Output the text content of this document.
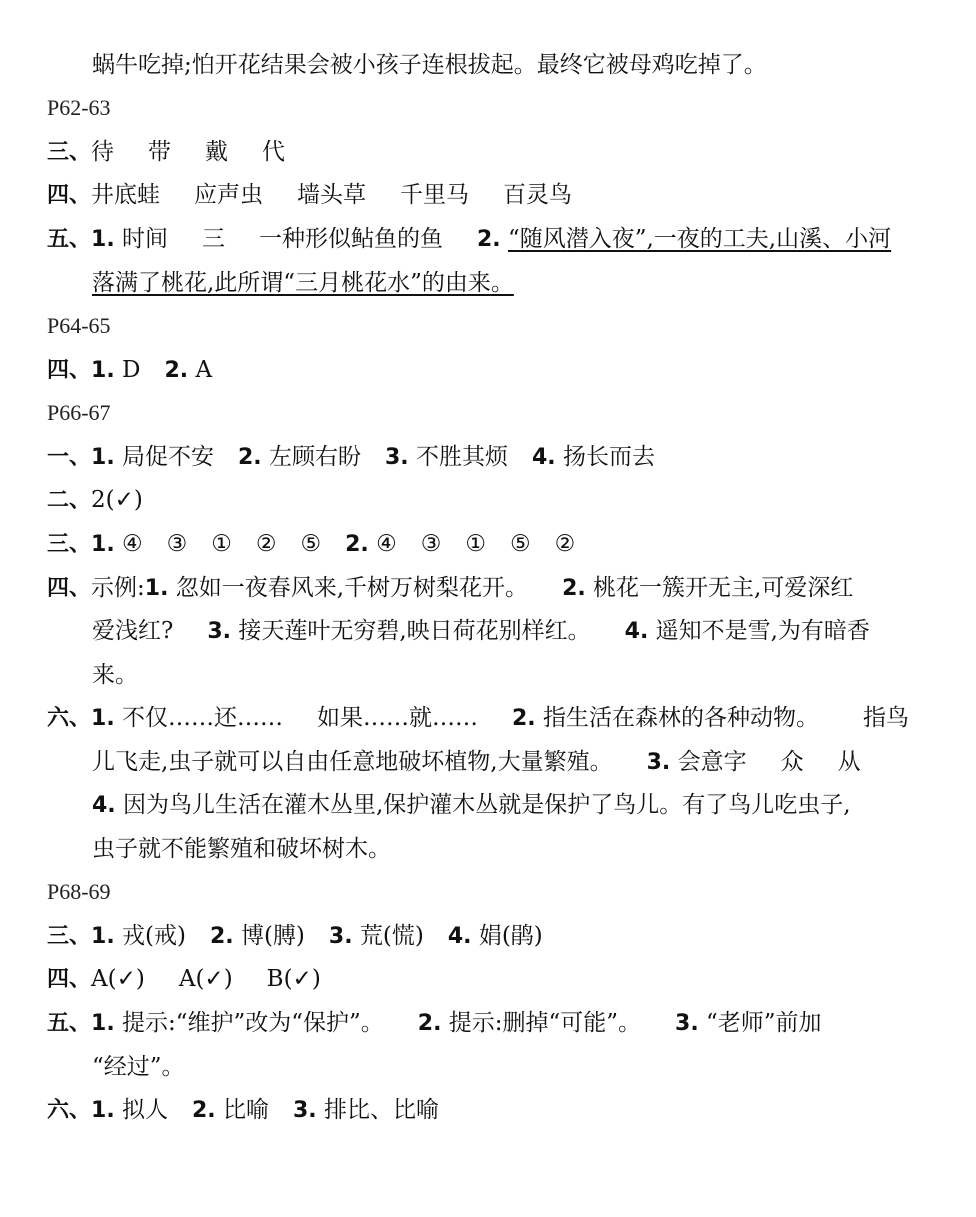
蜗牛吃掉;怕开花结果会被小孩子连根拔起。最终它被母鸡吃掉了。
P62-63
三、待 带 戴 代
四、井底蛙 应声虫 墙头草 千里马 百灵鸟
五、1. 时间 三 一种形似鲇鱼的鱼 2. “随风潜入夜”,一夜的工夫,山溪、小河
落满了桃花,此所谓“三月桃花水”的由来。
P64-65
四、1. D 2. A
P66-67
一、1. 局促不安 2. 左顾右盼 3. 不胜其烦 4. 扬长而去
二、2(✓)
三、1. ④ ③ ① ② ⑤ 2. ④ ③ ① ⑤ ②
四、示例:1. 忽如一夜春风来,千树万树梨花开。 2. 桃花一簇开无主,可爱深红
爱浅红? 3. 接天莲叶无穷碧,映日荷花别样红。 4. 遥知不是雪,为有暗香
来。
六、1. 不仅……还…… 如果……就…… 2. 指生活在森林的各种动物。 指鸟
儿飞走,虫子就可以自由任意地破坏植物,大量繁殖。 3. 会意字 众 从
4. 因为鸟儿生活在灌木丛里,保护灌木丛就是保护了鸟儿。有了鸟儿吃虫子,
虫子就不能繁殖和破坏树木。
P68-69
三、1. 戎(戒) 2. 博(膊) 3. 荒(慌) 4. 娟(鹃)
四、A(✓) A(✓) B(✓)
五、1. 提示:“维护”改为“保护”。 2. 提示:删掉“可能”。 3. “老师”前加
“经过”。
六、1. 拟人 2. 比喻 3. 排比、比喻
